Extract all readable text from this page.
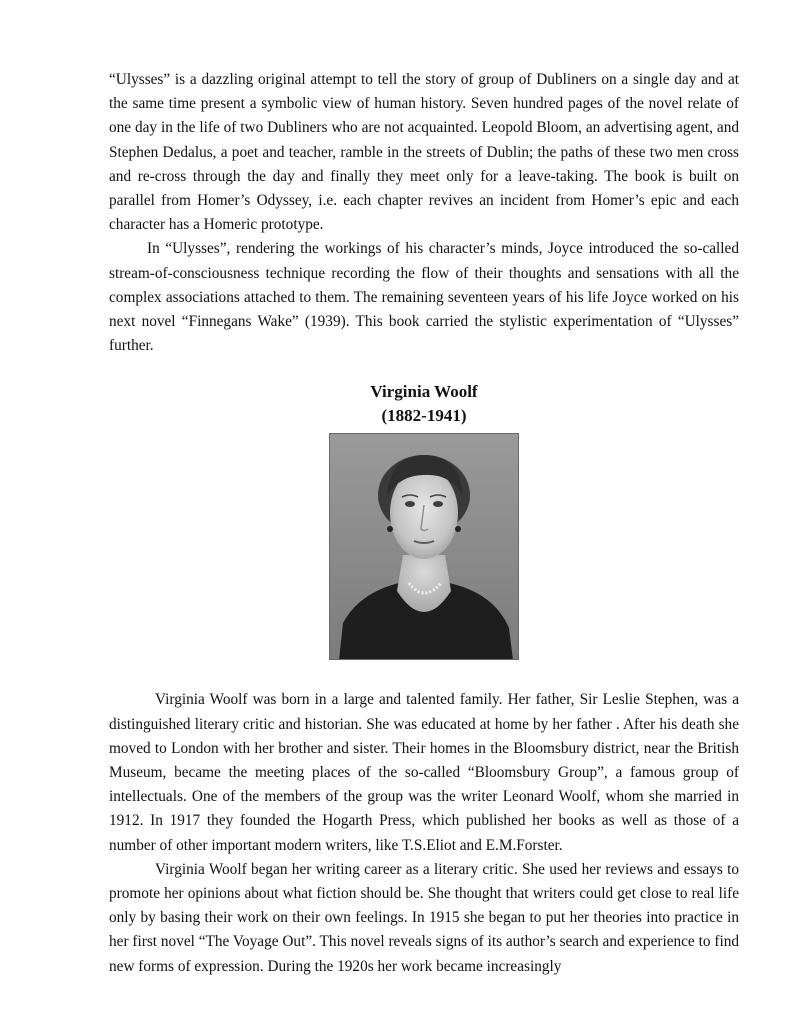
“Ulysses” is a dazzling original attempt to tell the story of group of Dubliners on a single day and at the same time present a symbolic view of human history. Seven hundred pages of the novel relate of one day in the life of two Dubliners who are not acquainted. Leopold Bloom, an advertising agent, and Stephen Dedalus, a poet and teacher, ramble in the streets of Dublin; the paths of these two men cross and re-cross through the day and finally they meet only for a leave-taking. The book is built on parallel from Homer’s Odyssey, i.e. each chapter revives an incident from Homer’s epic and each character has a Homeric prototype.

In “Ulysses”, rendering the workings of his character’s minds, Joyce introduced the so-called stream-of-consciousness technique recording the flow of their thoughts and sensations with all the complex associations attached to them. The remaining seventeen years of his life Joyce worked on his next novel “Finnegans Wake” (1939). This book carried the stylistic experimentation of “Ulysses” further.

Virginia Woolf

(1882-1941)

Virginia Woolf was born in a large and talented family. Her father, Sir Leslie Stephen, was a distinguished literary critic and historian. She was educated at home by her father . After his death she moved to London with her brother and sister. Their homes in the Bloomsbury district, near the British Museum, became the meeting places of the so-called “Bloomsbury Group”, a famous group of intellectuals. One of the members of the group was the writer Leonard Woolf, whom she married in 1912. In 1917 they founded the Hogarth Press, which published her books as well as those of a number of other important modern writers, like T.S.Eliot and E.M.Forster.

Virginia Woolf began her writing career as a literary critic. She used her reviews and essays to promote her opinions about what fiction should be. She thought that writers could get close to real life only by basing their work on their own feelings. In 1915 she began to put her theories into practice in her first novel “The Voyage Out”. This novel reveals signs of its author’s search and experience to find new forms of expression. During the 1920s her work became increasingly
